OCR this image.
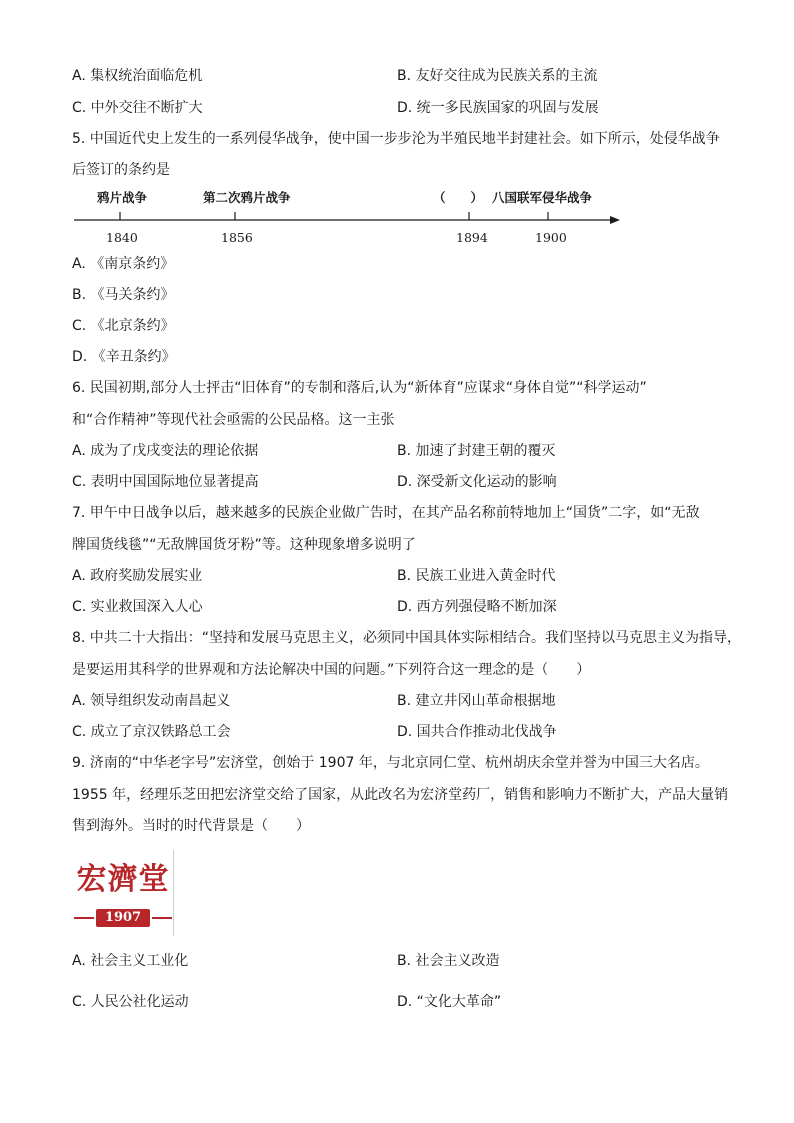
A. 集权统治面临危机	B. 友好交往成为民族关系的主流
C. 中外交往不断扩大	D. 统一多民族国家的巩固与发展
5. 中国近代史上发生的一系列侵华战争，使中国一步步沦为半殖民地半封建社会。如下所示，处侵华战争
后签订的条约是
鸦片战争	第二次鸦片战争	（　　） 八国联军侵华战争
1840	1856	1894	1900
A. 《南京条约》
B. 《马关条约》
C. 《北京条约》
D. 《辛丑条约》
6. 民国初期,部分人士抨击“旧体育”的专制和落后,认为“新体育”应谋求“身体自觉”“科学运动”
和“合作精神”等现代社会亟需的公民品格。这一主张
A. 成为了戊戌变法的理论依据	B. 加速了封建王朝的覆灭
C. 表明中国国际地位显著提高	D. 深受新文化运动的影响
7. 甲午中日战争以后，越来越多的民族企业做广告时，在其产品名称前特地加上“国货”二字，如“无敌
牌国货线毯”“无敌牌国货牙粉”等。这种现象增多说明了
A. 政府奖励发展实业	B. 民族工业进入黄金时代
C. 实业救国深入人心	D. 西方列强侵略不断加深
8. 中共二十大指出：“坚持和发展马克思主义，必须同中国具体实际相结合。我们坚持以马克思主义为指导，
是要运用其科学的世界观和方法论解决中国的问题。”下列符合这一理念的是（　　）
A. 领导组织发动南昌起义	B. 建立井冈山革命根据地
C. 成立了京汉铁路总工会	D. 国共合作推动北伐战争
9. 济南的“中华老字号”宏济堂，创始于 1907 年，与北京同仁堂、杭州胡庆余堂并誉为中国三大名店。
1955 年，经理乐芝田把宏济堂交给了国家，从此改名为宏济堂药厂，销售和影响力不断扩大，产品大量销
售到海外。当时的时代背景是（　　）
宏濟堂
1907
A. 社会主义工业化	B. 社会主义改造
C. 人民公社化运动	D. “文化大革命”
